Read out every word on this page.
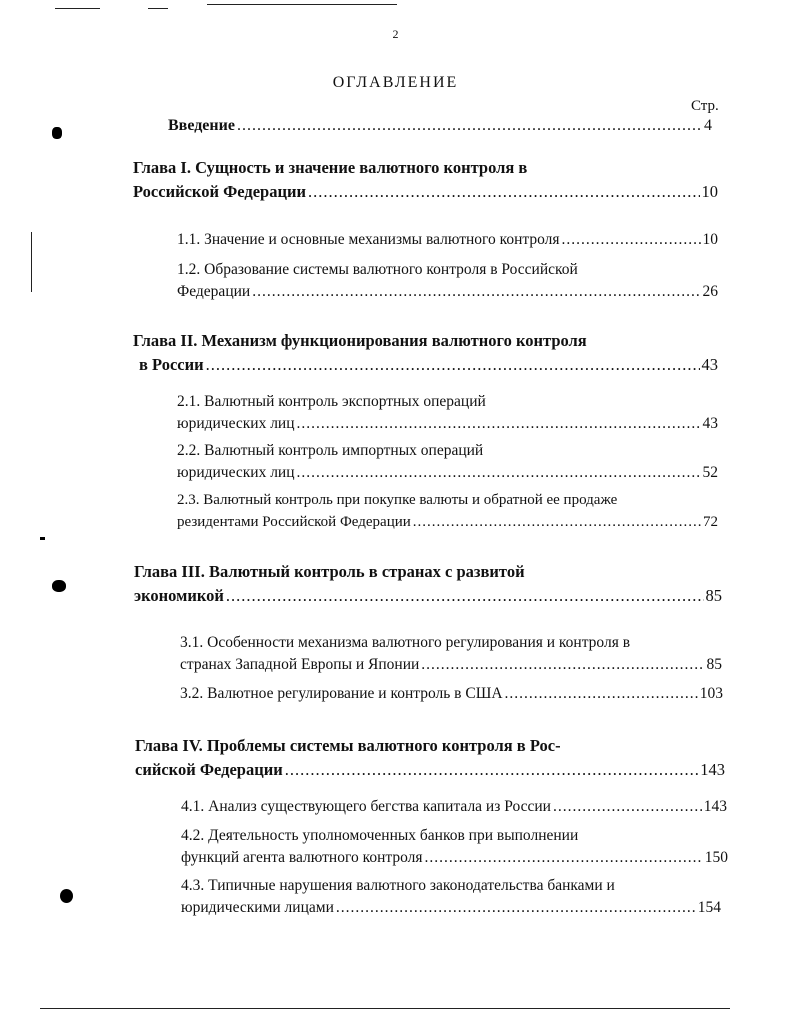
2
ОГЛАВЛЕНИЕ
Стр.
Введение .....	4
Глава I. Сущность и значение валютного контроля в
Российской Федерации .....	10
1.1. Значение и основные механизмы валютного контроля .....	10
1.2. Образование системы валютного контроля в Российской
Федерации .....	26
Глава II. Механизм функционирования валютного контроля
в России .....	43
2.1. Валютный контроль экспортных операций
юридических лиц .....	43
2.2. Валютный контроль импортных операций
юридических лиц .....	52
2.3. Валютный контроль при покупке валюты и обратной ее продаже
резидентами Российской Федерации .....	72
Глава III. Валютный контроль в странах с развитой
экономикой .....	85
3.1. Особенности механизма валютного регулирования и контроля в
странах Западной Европы и Японии .....	85
3.2. Валютное регулирование и контроль в США .....	103
Глава IV. Проблемы системы валютного контроля в Рос-
сийской Федерации .....	143
4.1. Анализ существующего бегства капитала из России .....	143
4.2. Деятельность уполномоченных банков при выполнении
функций агента валютного контроля .....	150
4.3. Типичные нарушения валютного законодательства банками и
юридическими лицами .....	154
